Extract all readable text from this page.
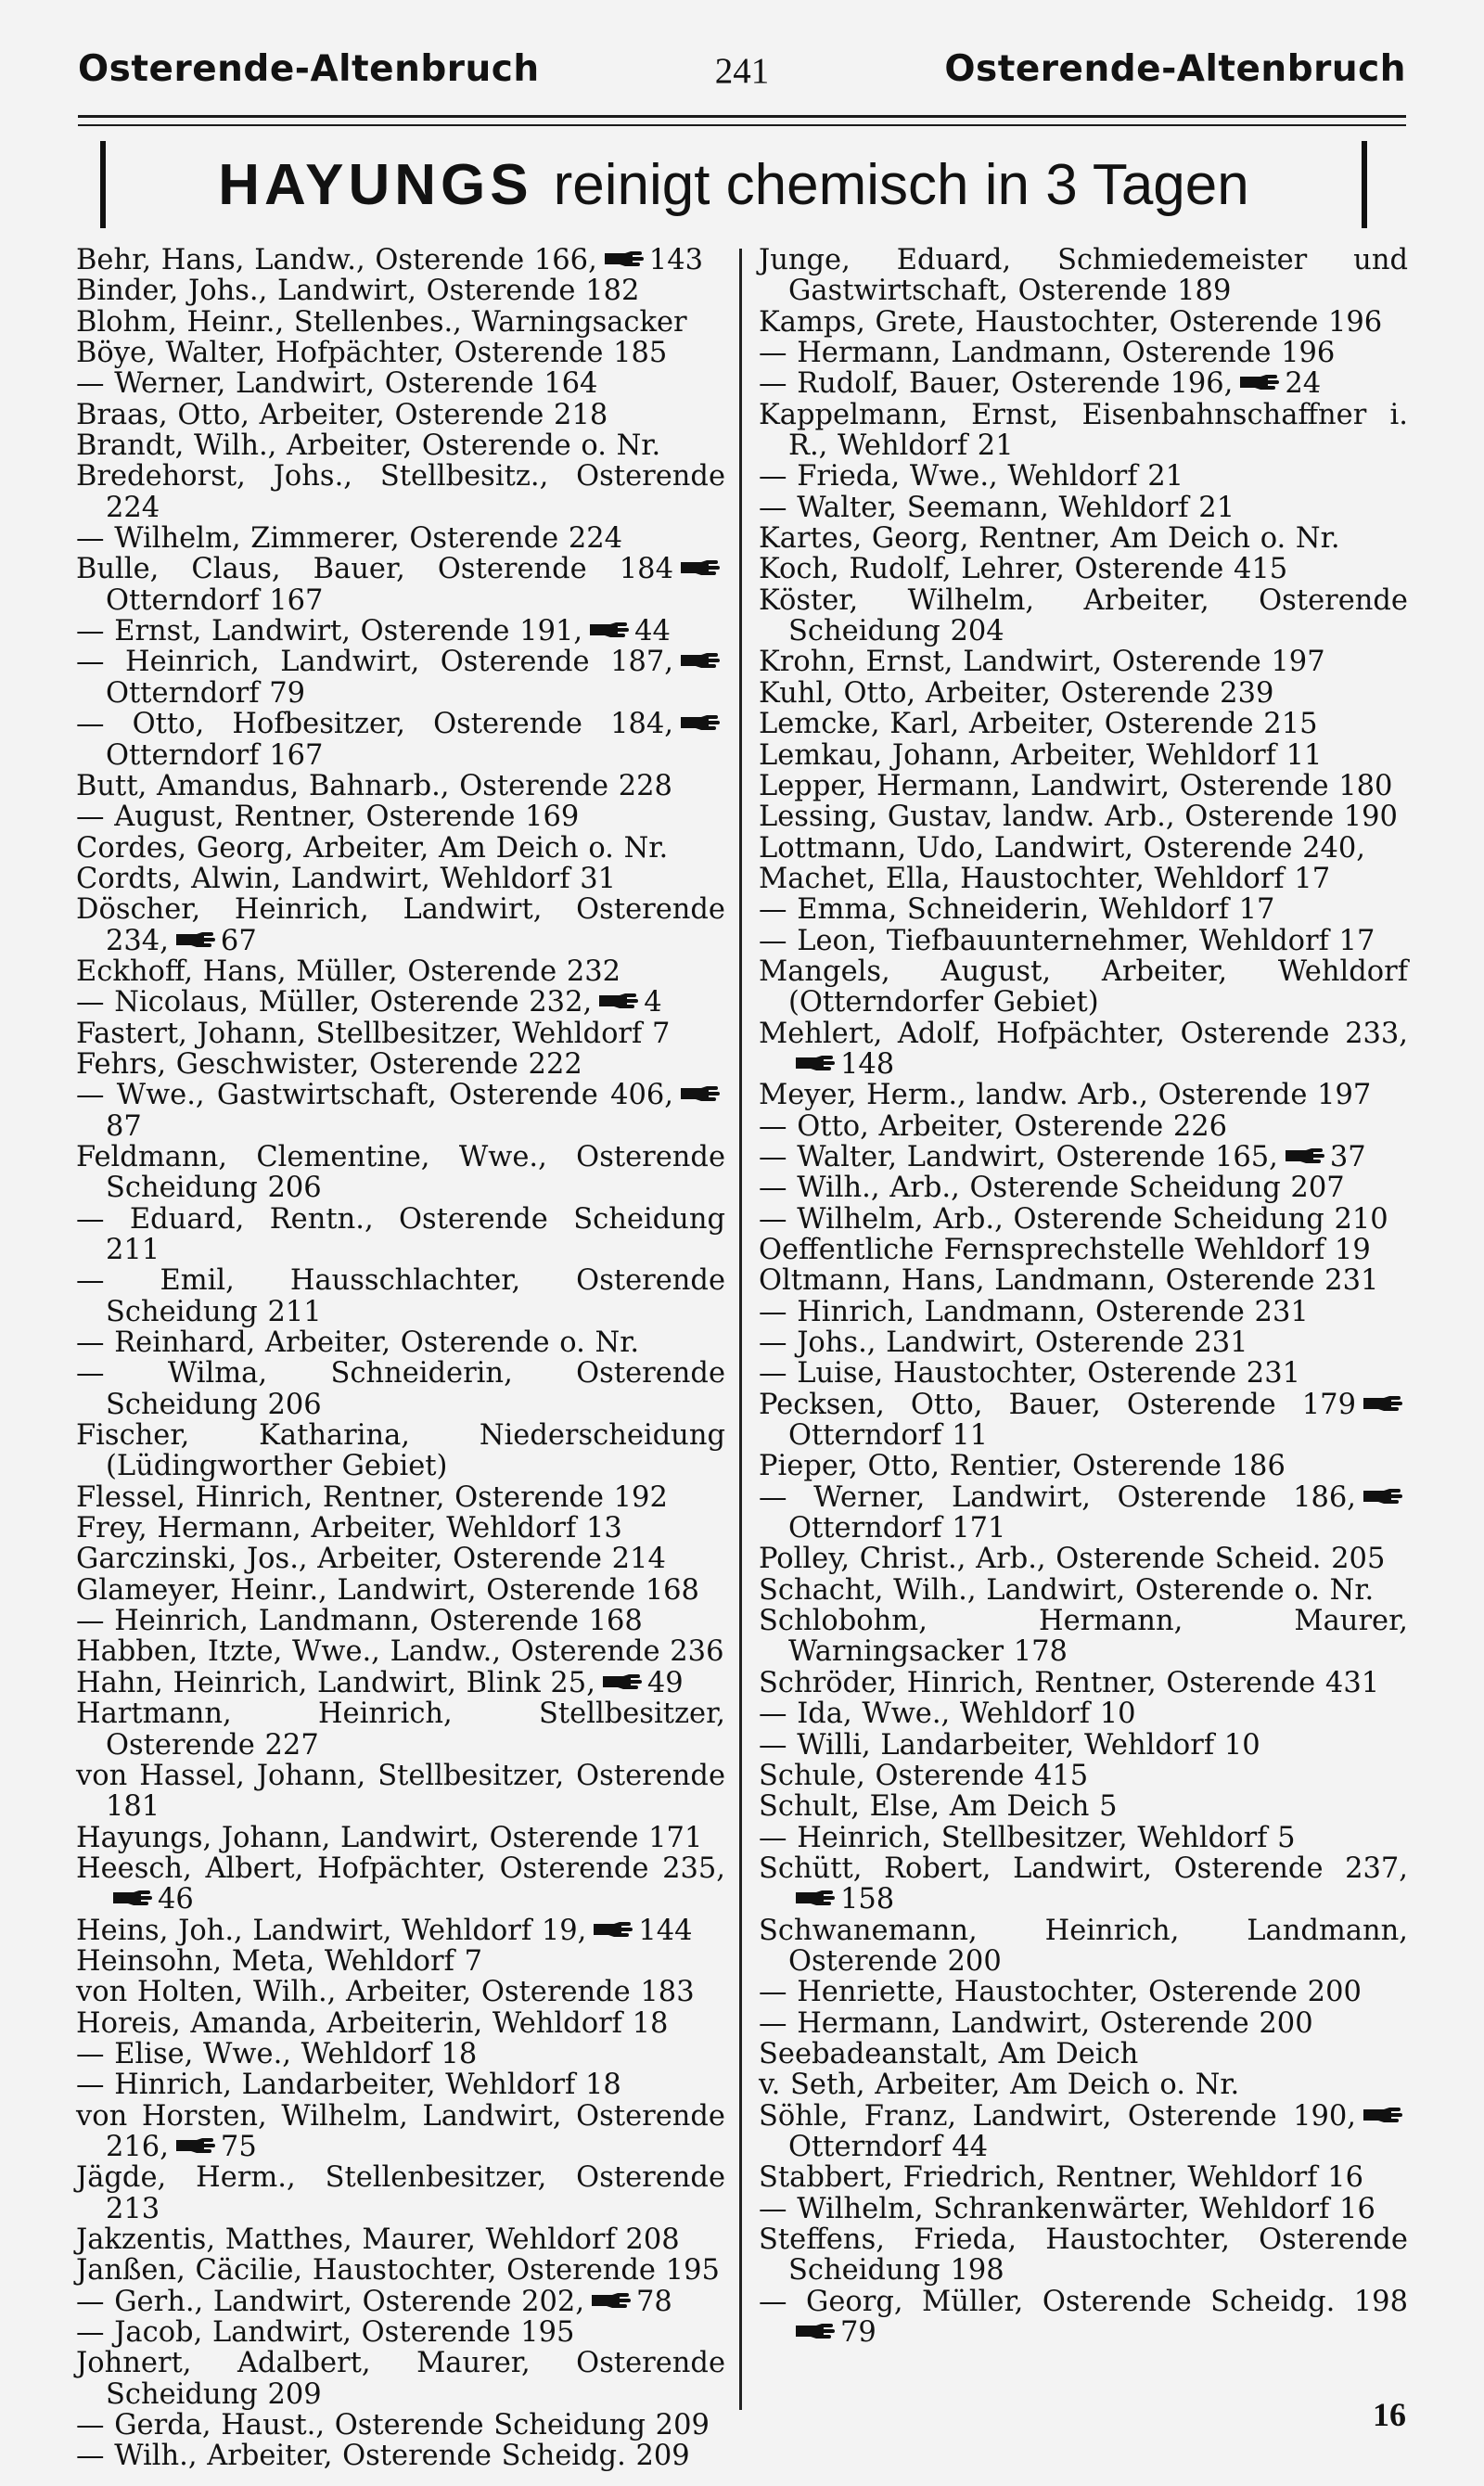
Osterende-Altenbruch	241	Osterende-Altenbruch
HAYUNGS reinigt chemisch in 3 Tagen
Behr, Hans, Landw., Osterende 166, 143
Binder, Johs., Landwirt, Osterende 182
Blohm, Heinr., Stellenbes., Warningsacker
Böye, Walter, Hofpächter, Osterende 185
— Werner, Landwirt, Osterende 164
Braas, Otto, Arbeiter, Osterende 218
Brandt, Wilh., Arbeiter, Osterende o. Nr.
Bredehorst, Johs., Stellbesitz., Osterende 224
— Wilhelm, Zimmerer, Osterende 224
Bulle, Claus, Bauer, Osterende 184
Otterndorf 167
— Ernst, Landwirt, Osterende 191, 44
— Heinrich, Landwirt, Osterende 187,
Otterndorf 79
— Otto, Hofbesitzer, Osterende 184,
Otterndorf 167
Butt, Amandus, Bahnarb., Osterende 228
— August, Rentner, Osterende 169
Cordes, Georg, Arbeiter, Am Deich o. Nr.
Cordts, Alwin, Landwirt, Wehldorf 31
Döscher, Heinrich, Landwirt, Osterende 234, 67
Eckhoff, Hans, Müller, Osterende 232
— Nicolaus, Müller, Osterende 232, 4
Fastert, Johann, Stellbesitzer, Wehldorf 7
Fehrs, Geschwister, Osterende 222
— Wwe., Gastwirtschaft, Osterende 406,
87
Feldmann, Clementine, Wwe., Osterende Scheidung 206
— Eduard, Rentn., Osterende Scheidung 211
— Emil, Hausschlachter, Osterende Scheidung 211
— Reinhard, Arbeiter, Osterende o. Nr.
— Wilma, Schneiderin, Osterende Scheidung 206
Fischer, Katharina, Niederscheidung (Lüdingworther Gebiet)
Flessel, Hinrich, Rentner, Osterende 192
Frey, Hermann, Arbeiter, Wehldorf 13
Garczinski, Jos., Arbeiter, Osterende 214
Glameyer, Heinr., Landwirt, Osterende 168
— Heinrich, Landmann, Osterende 168
Habben, Itzte, Wwe., Landw., Osterende 236
Hahn, Heinrich, Landwirt, Blink 25, 49
Hartmann, Heinrich, Stellbesitzer, Osterende 227
von Hassel, Johann, Stellbesitzer, Osterende 181
Hayungs, Johann, Landwirt, Osterende 171
Heesch, Albert, Hofpächter, Osterende 235,
46
Heins, Joh., Landwirt, Wehldorf 19, 144
Heinsohn, Meta, Wehldorf 7
von Holten, Wilh., Arbeiter, Osterende 183
Horeis, Amanda, Arbeiterin, Wehldorf 18
— Elise, Wwe., Wehldorf 18
— Hinrich, Landarbeiter, Wehldorf 18
von Horsten, Wilhelm, Landwirt, Osterende 216, 75
Jägde, Herm., Stellenbesitzer, Osterende 213
Jakzentis, Matthes, Maurer, Wehldorf 208
Janßen, Cäcilie, Haustochter, Osterende 195
— Gerh., Landwirt, Osterende 202, 78
— Jacob, Landwirt, Osterende 195
Johnert, Adalbert, Maurer, Osterende Scheidung 209
— Gerda, Haust., Osterende Scheidung 209
— Wilh., Arbeiter, Osterende Scheidg. 209
Junge, Eduard, Schmiedemeister und Gastwirtschaft, Osterende 189
Kamps, Grete, Haustochter, Osterende 196
— Hermann, Landmann, Osterende 196
— Rudolf, Bauer, Osterende 196, 24
Kappelmann, Ernst, Eisenbahnschaffner i. R., Wehldorf 21
— Frieda, Wwe., Wehldorf 21
— Walter, Seemann, Wehldorf 21
Kartes, Georg, Rentner, Am Deich o. Nr.
Koch, Rudolf, Lehrer, Osterende 415
Köster, Wilhelm, Arbeiter, Osterende Scheidung 204
Krohn, Ernst, Landwirt, Osterende 197
Kuhl, Otto, Arbeiter, Osterende 239
Lemcke, Karl, Arbeiter, Osterende 215
Lemkau, Johann, Arbeiter, Wehldorf 11
Lepper, Hermann, Landwirt, Osterende 180
Lessing, Gustav, landw. Arb., Osterende 190
Lottmann, Udo, Landwirt, Osterende 240,
Machet, Ella, Haustochter, Wehldorf 17
— Emma, Schneiderin, Wehldorf 17
— Leon, Tiefbauunternehmer, Wehldorf 17
Mangels, August, Arbeiter, Wehldorf (Otterndorfer Gebiet)
Mehlert, Adolf, Hofpächter, Osterende 233,
148
Meyer, Herm., landw. Arb., Osterende 197
— Otto, Arbeiter, Osterende 226
— Walter, Landwirt, Osterende 165, 37
— Wilh., Arb., Osterende Scheidung 207
— Wilhelm, Arb., Osterende Scheidung 210
Oeffentliche Fernsprechstelle Wehldorf 19
Oltmann, Hans, Landmann, Osterende 231
— Hinrich, Landmann, Osterende 231
— Johs., Landwirt, Osterende 231
— Luise, Haustochter, Osterende 231
Pecksen, Otto, Bauer, Osterende 179
Otterndorf 11
Pieper, Otto, Rentier, Osterende 186
— Werner, Landwirt, Osterende 186,
Otterndorf 171
Polley, Christ., Arb., Osterende Scheid. 205
Schacht, Wilh., Landwirt, Osterende o. Nr.
Schlobohm, Hermann, Maurer, Warningsacker 178
Schröder, Hinrich, Rentner, Osterende 431
— Ida, Wwe., Wehldorf 10
— Willi, Landarbeiter, Wehldorf 10
Schule, Osterende 415
Schult, Else, Am Deich 5
— Heinrich, Stellbesitzer, Wehldorf 5
Schütt, Robert, Landwirt, Osterende 237,
158
Schwanemann, Heinrich, Landmann, Osterende 200
— Henriette, Haustochter, Osterende 200
— Hermann, Landwirt, Osterende 200
Seebadeanstalt, Am Deich
v. Seth, Arbeiter, Am Deich o. Nr.
Söhle, Franz, Landwirt, Osterende 190,
Otterndorf 44
Stabbert, Friedrich, Rentner, Wehldorf 16
— Wilhelm, Schrankenwärter, Wehldorf 16
Steffens, Frieda, Haustochter, Osterende Scheidung 198
— Georg, Müller, Osterende Scheidg. 198
79
16
